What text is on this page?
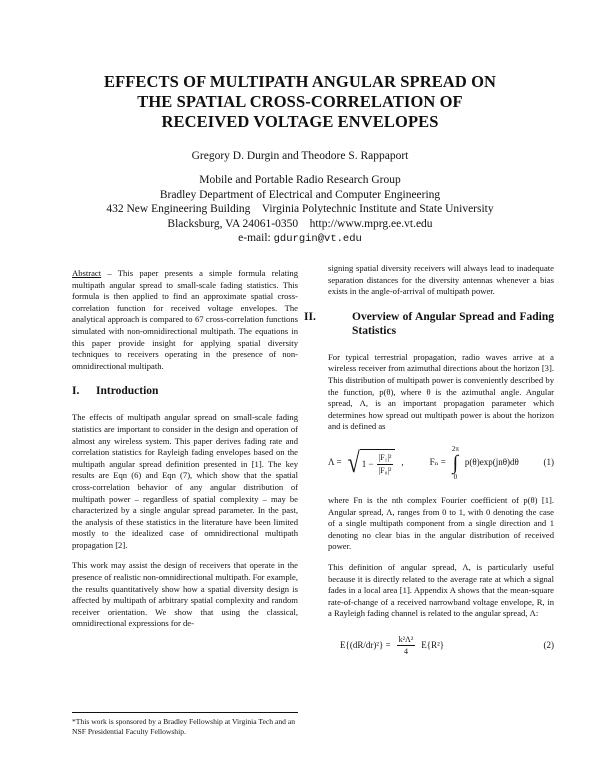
EFFECTS OF MULTIPATH ANGULAR SPREAD ON
THE SPATIAL CROSS-CORRELATION OF
RECEIVED VOLTAGE ENVELOPES
Gregory D. Durgin and Theodore S. Rappaport
Mobile and Portable Radio Research Group
Bradley Department of Electrical and Computer Engineering
432 New Engineering Building    Virginia Polytechnic Institute and State University
Blacksburg, VA 24061-0350    http://www.mprg.ee.vt.edu
e-mail: gdurgin@vt.edu

Abstract – This paper presents a simple formula relating multipath angular spread to small-scale fading statistics. This formula is then applied to find an approximate spatial cross-correlation function for received voltage envelopes. The analytical approach is compared to 67 cross-correlation functions simulated with non-omnidirectional multipath. The equations in this paper provide insight for applying spatial diversity techniques to receivers operating in the presence of non-omnidirectional multipath.

I. Introduction

The effects of multipath angular spread on small-scale fading statistics are important to consider in the design and operation of almost any wireless system. This paper derives fading rate and correlation statistics for Rayleigh fading envelopes based on the multipath angular spread definition presented in [1]. The key results are Eqn (6) and Eqn (7), which show that the spatial cross-correlation behavior of any angular distribution of multipath power – regardless of spatial complexity – may be characterized by a single angular spread parameter. In the past, the analysis of these statistics in the literature have been limited mostly to the idealized case of omnidirectional multipath propagation [2].

This work may assist the design of receivers that operate in the presence of realistic non-omnidirectional multipath. For example, the results quantitatively show how a spatial diversity design is affected by multipath of arbitrary spatial complexity and random receiver orientation. We show that using the classical, omnidirectional expressions for de-

signing spatial diversity receivers will always lead to inadequate separation distances for the diversity antennas whenever a bias exists in the angle-of-arrival of multipath power.

II.	Overview of Angular Spread and Fading Statistics

For typical terrestrial propagation, radio waves arrive at a wireless receiver from azimuthal directions about the horizon [3]. This distribution of multipath power is conveniently described by the function, p(θ), where θ is the azimuthal angle. Angular spread, Λ, is an important propagation parameter which determines how spread out multipath power is about the horizon and is defined as

Λ = √ $1 - \frac{\text{|F₁|²}}{\text{|F₀|²}}$ ,	Fₙ =
2π
∫
0
p(θ)exp(jnθ)dθ	(1)

where Fn is the nth complex Fourier coefficient of p(θ) [1]. Angular spread, Λ, ranges from 0 to 1, with 0 denoting the case of a single multipath component from a single direction and 1 denoting no clear bias in the angular distribution of received power.

This definition of angular spread, Λ, is particularly useful because it is directly related to the average rate at which a signal fades in a local area [1]. Appendix A shows that the mean-square rate-of-change of a received narrowband voltage envelope, R, in a Rayleigh fading channel is related to the angular spread, Λ:

$E\{(dR/dr)^2\} = \frac{\text{k²Λ²}}{4} E\{R^2\}$	(2)
*This work is sponsored by a Bradley Fellowship at Virginia Tech and an NSF Presidential Faculty Fellowship.
